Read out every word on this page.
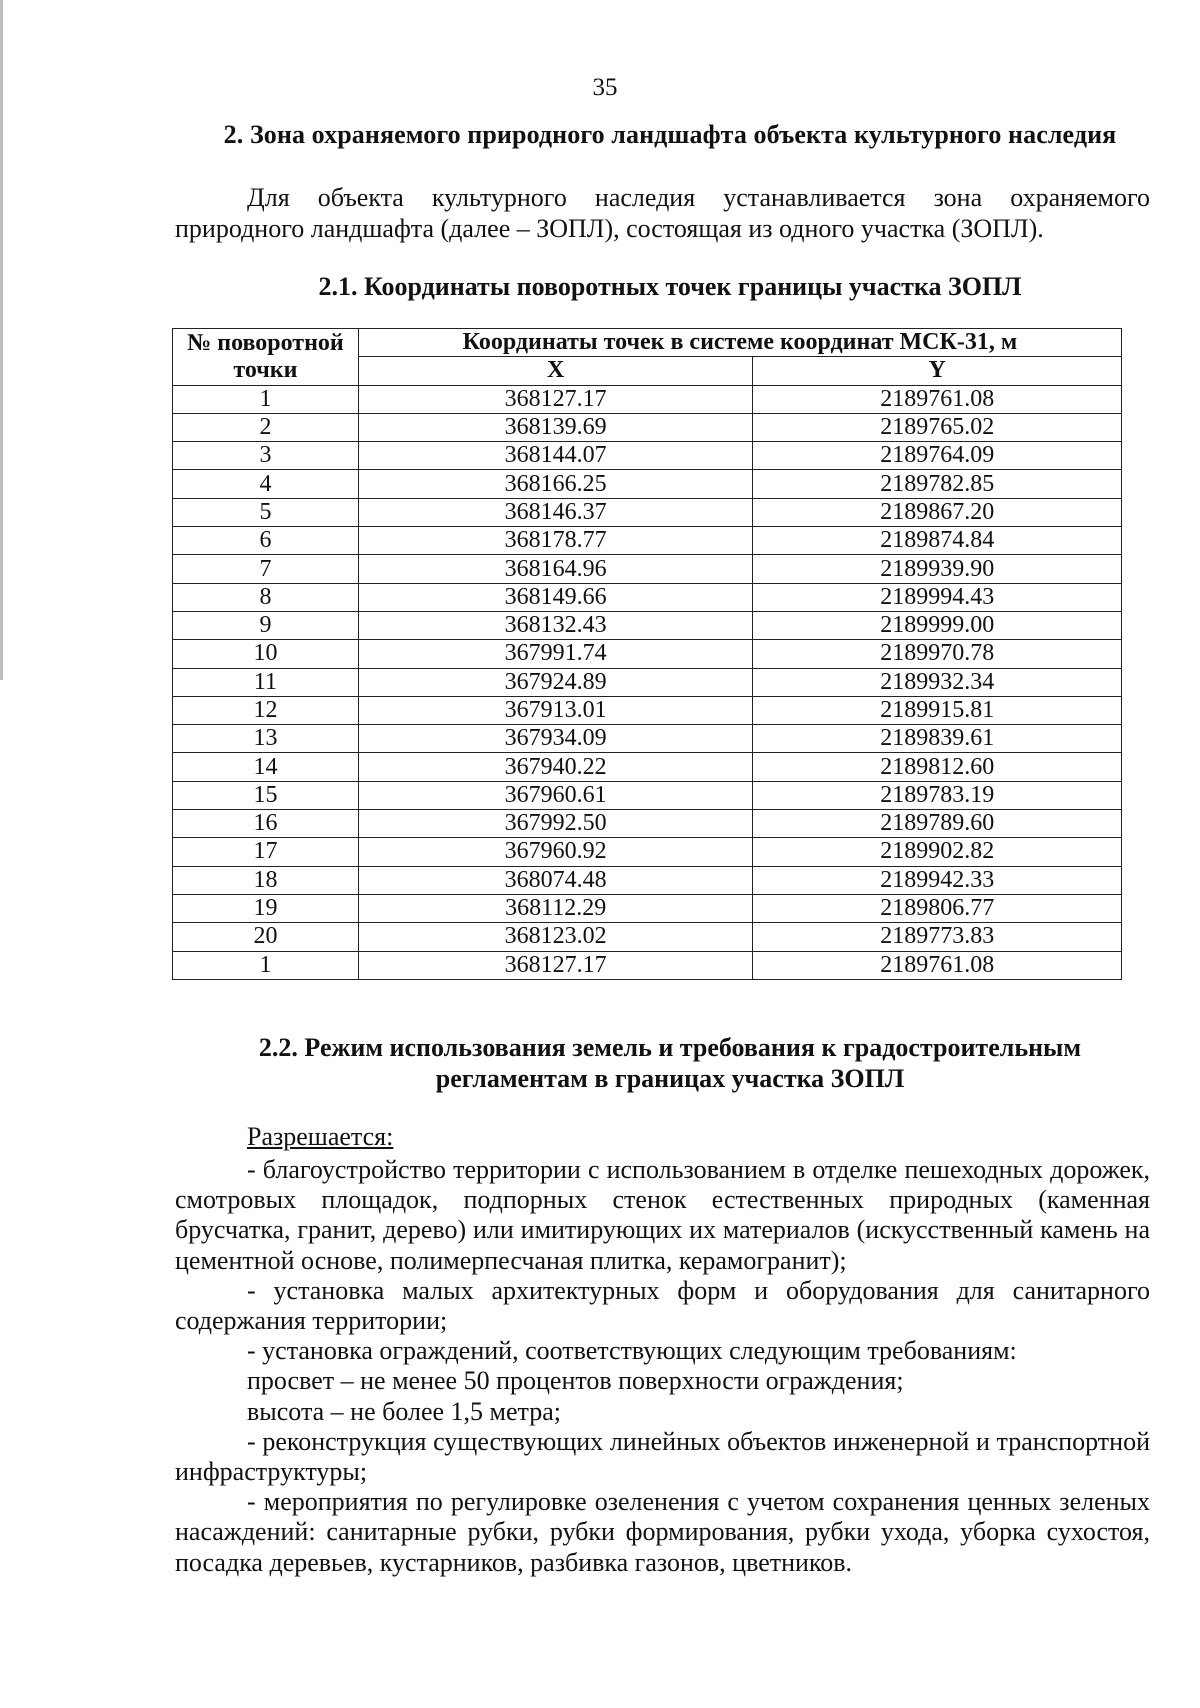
35
2. Зона охраняемого природного ландшафта объекта культурного наследия
Для объекта культурного наследия устанавливается зона охраняемого природного ландшафта (далее – ЗОПЛ), состоящая из одного участка (ЗОПЛ).
2.1. Координаты поворотных точек границы участка ЗОПЛ
№ поворотной точки	Координаты точек в системе координат МСК-31, м	
	X	Y
1	368127.17	2189761.08
2	368139.69	2189765.02
3	368144.07	2189764.09
4	368166.25	2189782.85
5	368146.37	2189867.20
6	368178.77	2189874.84
7	368164.96	2189939.90
8	368149.66	2189994.43
9	368132.43	2189999.00
10	367991.74	2189970.78
11	367924.89	2189932.34
12	367913.01	2189915.81
13	367934.09	2189839.61
14	367940.22	2189812.60
15	367960.61	2189783.19
16	367992.50	2189789.60
17	367960.92	2189902.82
18	368074.48	2189942.33
19	368112.29	2189806.77
20	368123.02	2189773.83
1	368127.17	2189761.08
2.2. Режим использования земель и требования к градостроительным
регламентам в границах участка ЗОПЛ
Разрешается:

- благоустройство территории с использованием в отделке пешеходных дорожек, смотровых площадок, подпорных стенок естественных природных (каменная брусчатка, гранит, дерево) или имитирующих их материалов (искусственный камень на цементной основе, полимерпесчаная плитка, керамогранит);

- установка малых архитектурных форм и оборудования для санитарного содержания территории;

- установка ограждений, соответствующих следующим требованиям:

просвет – не менее 50 процентов поверхности ограждения;

высота – не более 1,5 метра;

- реконструкция существующих линейных объектов инженерной и транспортной инфраструктуры;

- мероприятия по регулировке озеленения с учетом сохранения ценных зеленых насаждений: санитарные рубки, рубки формирования, рубки ухода, уборка сухостоя, посадка деревьев, кустарников, разбивка газонов, цветников.
